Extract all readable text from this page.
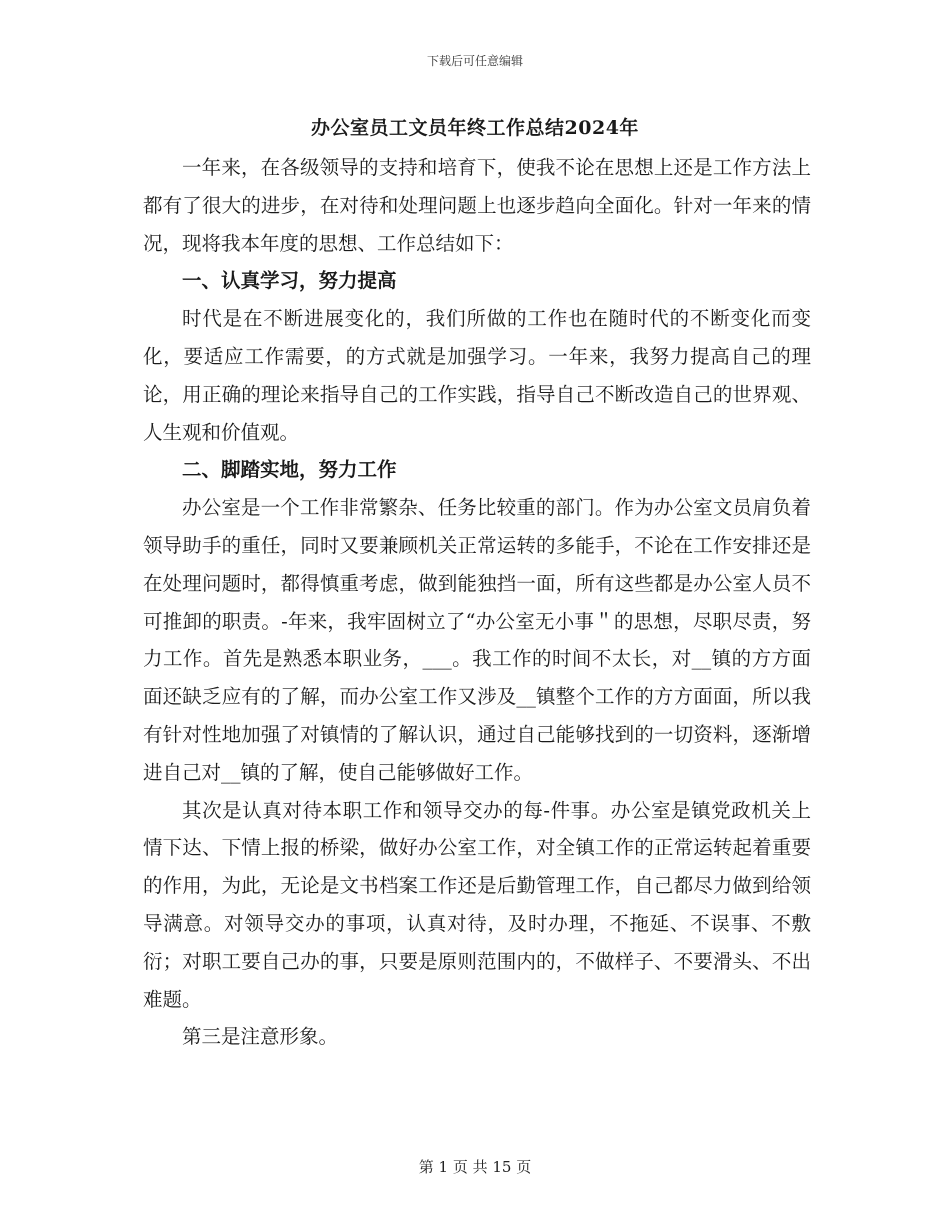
下载后可任意编辑
办公室员工文员年终工作总结2024年

一年来，在各级领导的支持和培育下，使我不论在思想上还是工作方法上都有了很大的进步，在对待和处理问题上也逐步趋向全面化。针对一年来的情况，现将我本年度的思想、工作总结如下：

一、认真学习，努力提高

时代是在不断进展变化的，我们所做的工作也在随时代的不断变化而变化，要适应工作需要，的方式就是加强学习。一年来，我努力提高自己的理论，用正确的理论来指导自己的工作实践，指导自己不断改造自己的世界观、人生观和价值观。

二、脚踏实地，努力工作

办公室是一个工作非常繁杂、任务比较重的部门。作为办公室文员肩负着领导助手的重任，同时又要兼顾机关正常运转的多能手，不论在工作安排还是在处理问题时，都得慎重考虑，做到能独挡一面，所有这些都是办公室人员不可推卸的职责。-年来，我牢固树立了“办公室无小事＂的思想，尽职尽责，努力工作。首先是熟悉本职业务，___。我工作的时间不太长，对__镇的方方面面还缺乏应有的了解，而办公室工作又涉及__镇整个工作的方方面面，所以我有针对性地加强了对镇情的了解认识，通过自己能够找到的一切资料，逐渐增进自己对__镇的了解，使自己能够做好工作。

其次是认真对待本职工作和领导交办的每-件事。办公室是镇党政机关上情下达、下情上报的桥梁，做好办公室工作，对全镇工作的正常运转起着重要的作用，为此，无论是文书档案工作还是后勤管理工作，自己都尽力做到给领导满意。对领导交办的事项，认真对待，及时办理，不拖延、不误事、不敷衍；对职工要自己办的事，只要是原则范围内的，不做样子、不要滑头、不出难题。

第三是注意形象。

第 1 页 共 15 页
